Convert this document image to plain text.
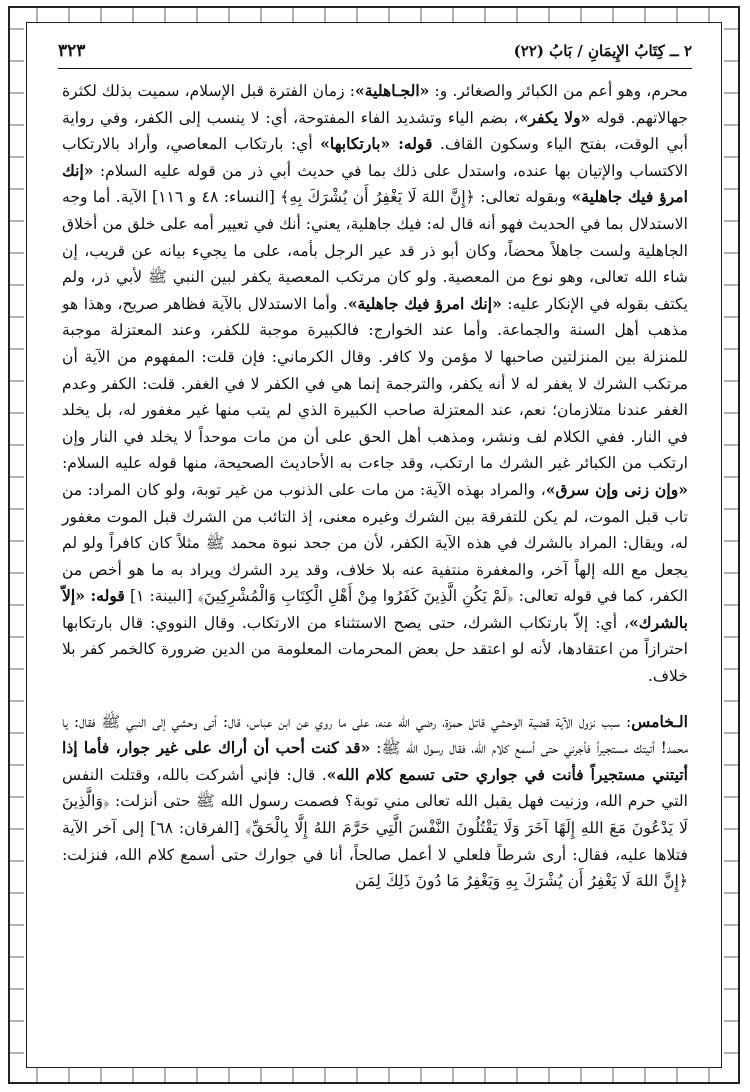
٢ ــ كِتَابُ الإِيمَانِ / بَابُ (٢٢)
٣٢٣

محرم، وهو أعم من الكبائر والصغائر. و: «الجـاهلية»: زمان الفترة قبل الإسلام، سميت بذلك لكثرة جهالاتهم. قوله «ولا يكفر»، بضم الياء وتشديد الفاء المفتوحة، أي: لا ينسب إلى الكفر، وفي رواية أبي الوقت، بفتح الياء وسكون القاف. قوله: «بارتكابها» أي: بارتكاب المعاصي، وأراد بالارتكاب الاكتساب والإتيان بها عنده، واستدل على ذلك بما في حديث أبي ذر من قوله عليه السلام: «إنك امرؤ فيك جاهلية» وبقوله تعالى: ﴿إِنَّ اللهَ لَا يَغْفِرُ أَن يُشْرَكَ بِهِ﴾ [النساء: ٤٨ و ١١٦] الآية. أما وجه الاستدلال بما في الحديث فهو أنه قال له: فيك جاهلية، يعني: أنك في تعيير أمه على خلق من أخلاق الجاهلية ولست جاهلاً محضاً، وكان أبو ذر قد عير الرجل بأمه، على ما يجيء بيانه عن قريب، إن شاء الله تعالى، وهو نوع من المعصية. ولو كان مرتكب المعصية يكفر لبين النبي ﷺ لأبي ذر، ولم يكتف بقوله في الإنكار عليه: «إنك امرؤ فيك جاهلية». وأما الاستدلال بالآية فظاهر صريح، وهذا هو مذهب أهل السنة والجماعة. وأما عند الخوارج: فالكبيرة موجبة للكفر، وعند المعتزلة موجبة للمنزلة بين المنزلتين صاحبها لا مؤمن ولا كافر. وقال الكرماني: فإن قلت: المفهوم من الآية أن مرتكب الشرك لا يغفر له لا أنه يكفر، والترجمة إنما هي في الكفر لا في الغفر. قلت: الكفر وعدم الغفر عندنا متلازمان؛ نعم، عند المعتزلة صاحب الكبيرة الذي لم يتب منها غير مغفور له، بل يخلد في النار. ففي الكلام لف ونشر، ومذهب أهل الحق على أن من مات موحداً لا يخلد في النار وإن ارتكب من الكبائر غير الشرك ما ارتكب، وقد جاءت به الأحاديث الصحيحة، منها قوله عليه السلام: «وإن زنى وإن سرق»، والمراد بهذه الآية: من مات على الذنوب من غير توبة، ولو كان المراد: من تاب قبل الموت، لم يكن للتفرقة بين الشرك وغيره معنى، إذ التائب من الشرك قبل الموت مغفور له، ويقال: المراد بالشرك في هذه الآية الكفر، لأن من جحد نبوة محمد ﷺ مثلاً كان كافراً ولو لم يجعل مع الله إلهاً آخر، والمغفرة منتفية عنه بلا خلاف، وقد يرد الشرك ويراد به ما هو أخص من الكفر، كما في قوله تعالى: ﴿لَمْ يَكُنِ الَّذِينَ كَفَرُوا مِنْ أَهْلِ الْكِتَابِ وَالْمُشْرِكِينَ﴾ [البينة: ١] قوله: «إلاّ بالشرك»، أي: إلاّ بارتكاب الشرك، حتى يصح الاستثناء من الارتكاب. وقال النووي: قال بارتكابها احترازاً من اعتقادها، لأنه لو اعتقد حل بعض المحرمات المعلومة من الدين ضرورة كالخمر كفر بلا خلاف.

الـخامس: سبب نزول الآية قضية الوحشي قاتل حمزة، رضي الله عنه، على ما روي عن ابن عباس، قال: أتى وحشي إلى النبي ﷺ فقال: يا محمد! أتيتك مستجيراً فأجرني حتى أسمع كلام الله، فقال رسول الله ﷺ: «قد كنت أحب أن أراك على غير جوار، فأما إذا أتيتني مستجيراً فأنت في جواري حتى تسمع كلام الله». قال: فإني أشركت بالله، وقتلت النفس التي حرم الله، وزنيت فهل يقبل الله تعالى مني توبة؟ فصمت رسول الله ﷺ حتى أنزلت: ﴿وَالَّذِينَ لَا يَدْعُونَ مَعَ اللهِ إِلَهًا آخَرَ وَلَا يَقْتُلُونَ النَّفْسَ الَّتِي حَرَّمَ اللهُ إِلَّا بِالْحَقِّ﴾ [الفرقان: ٦٨] إلى آخر الآية فتلاها عليه، فقال: أرى شرطاً فلعلي لا أعمل صالحاً، أنا في جوارك حتى أسمع كلام الله، فنزلت: ﴿إِنَّ اللهَ لَا يَغْفِرُ أَن يُشْرَكَ بِهِ وَيَغْفِرُ مَا دُونَ ذَلِكَ لِمَن
